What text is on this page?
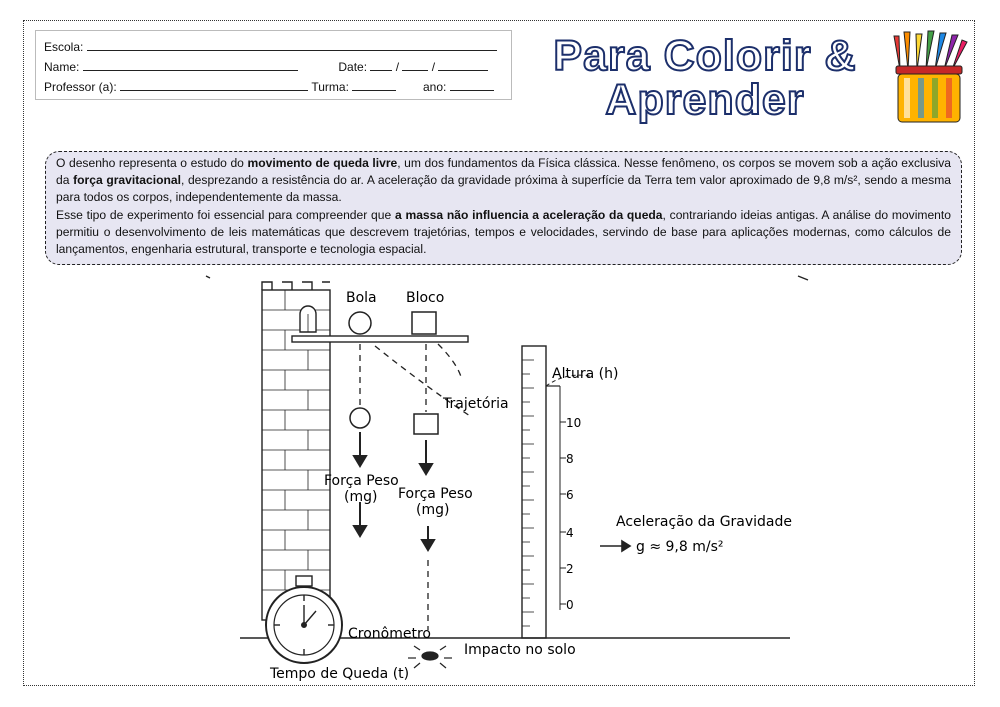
Escola:
Name:	Date: /	/
Professor (a):	Turma:	ano:
Para Colorir &
Aprender

O desenho representa o estudo do movimento de queda livre, um dos fundamentos da Física clássica. Nesse fenômeno, os corpos se movem sob a ação exclusiva da força gravitacional, desprezando a resistência do ar. A aceleração da gravidade próxima à superfície da Terra tem valor aproximado de 9,8 m/s², sendo a mesma para todos os corpos, independentemente da massa.

Esse tipo de experimento foi essencial para compreender que a massa não influencia a aceleração da queda, contrariando ideias antigas. A análise do movimento permitiu o desenvolvimento de leis matemáticas que descrevem trajetórias, tempos e velocidades, servindo de base para aplicações modernas, como cálculos de lançamentos, engenharia estrutural, transporte e tecnologia espacial.

Bola Bloco
Trajetória
Força Peso
(mg) Força Peso
(mg)
Altura (h)
10
8
6
4
2
0
Aceleração da Gravidade
g ≈ 9,8 m/s²
Impacto no solo
Cronômetro
Tempo de Queda (t)
